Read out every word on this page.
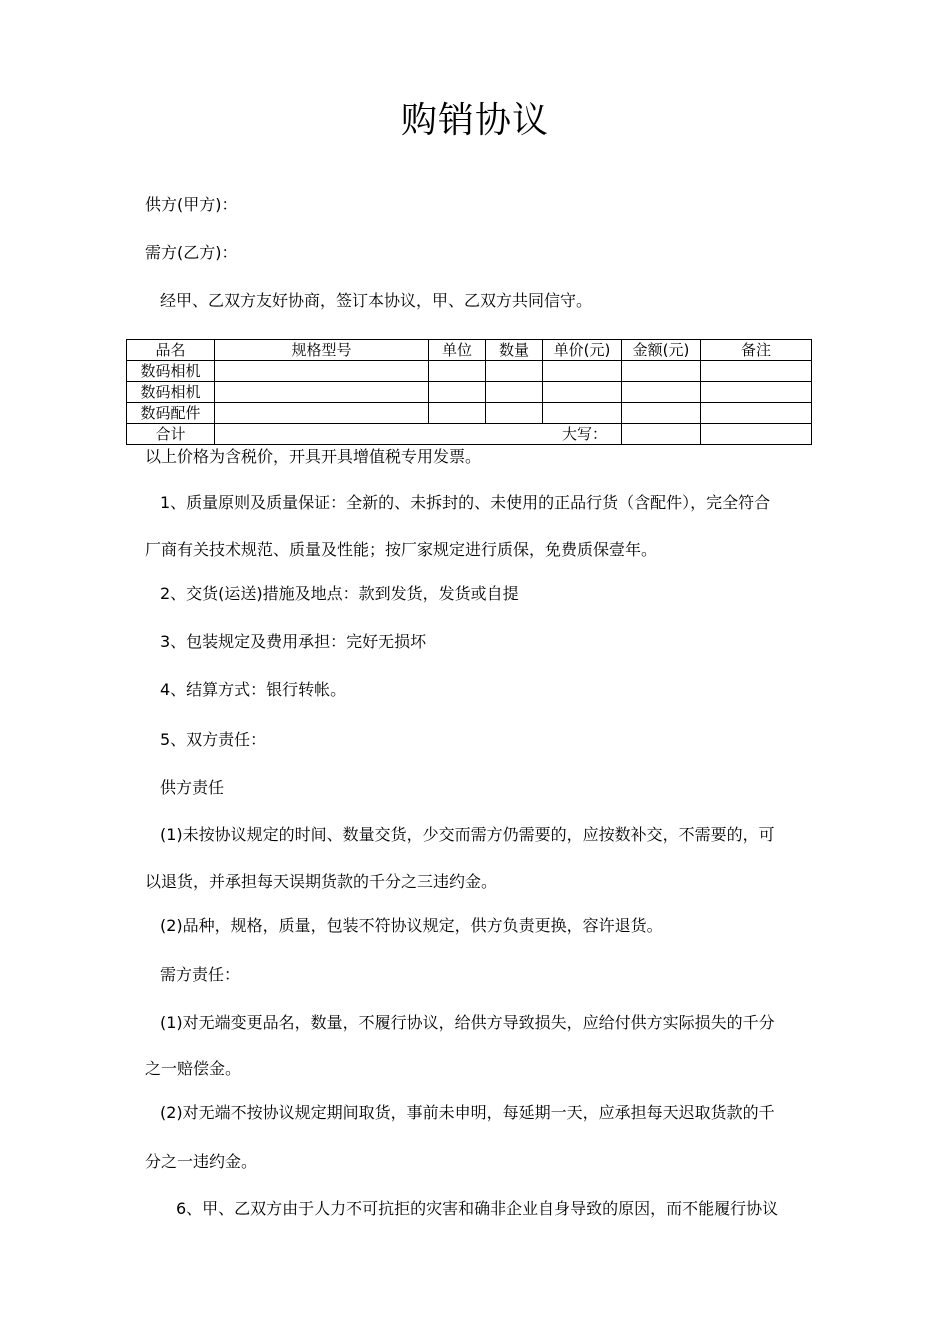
购销协议
供方(甲方)：
需方(乙方)：
经甲、乙双方友好协商，签订本协议，甲、乙双方共同信守。
品名	规格型号	单位	数量	单价(元)	金额(元)	备注
数码相机						
数码相机						
数码配件						
合计	大写：					
以上价格为含税价，开具开具增值税专用发票。
1、质量原则及质量保证：全新的、未拆封的、未使用的正品行货（含配件），完全符合
厂商有关技术规范、质量及性能；按厂家规定进行质保，免费质保壹年。
2、交货(运送)措施及地点：款到发货，发货或自提
3、包装规定及费用承担：完好无损坏
4、结算方式：银行转帐。
5、双方责任：
供方责任
(1)未按协议规定的时间、数量交货，少交而需方仍需要的，应按数补交，不需要的，可
以退货，并承担每天误期货款的千分之三违约金。
(2)品种，规格，质量，包装不符协议规定，供方负责更换，容许退货。
需方责任：
(1)对无端变更品名，数量，不履行协议，给供方导致损失，应给付供方实际损失的千分
之一赔偿金。
(2)对无端不按协议规定期间取货，事前未申明，每延期一天，应承担每天迟取货款的千
分之一违约金。
6、甲、乙双方由于人力不可抗拒的灾害和确非企业自身导致的原因，而不能履行协议
